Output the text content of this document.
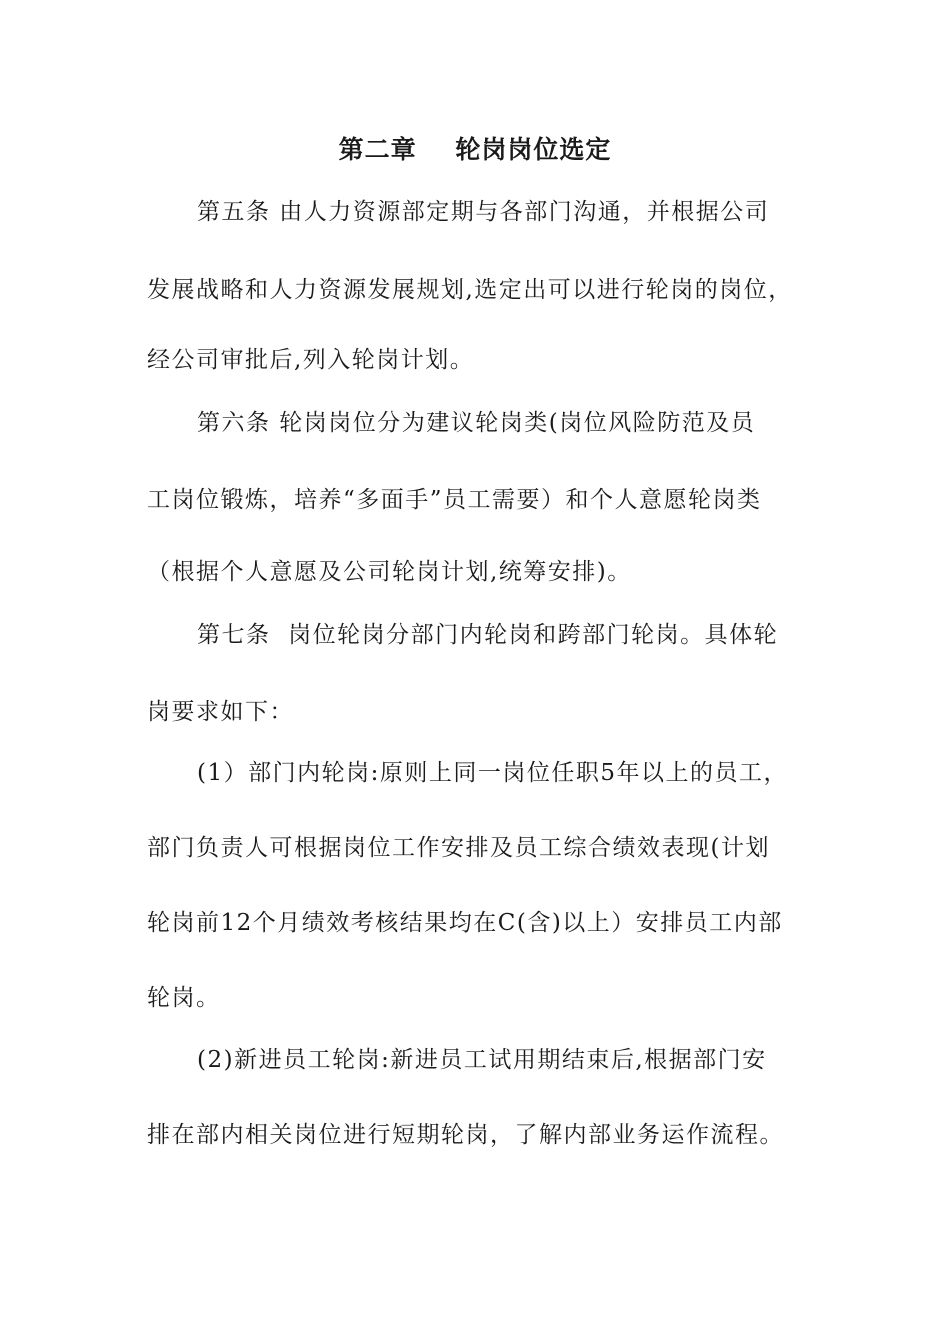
第二章    轮岗岗位选定
第五条 由人力资源部定期与各部门沟通，并根据公司
发展战略和人力资源发展规划,选定出可以进行轮岗的岗位，
经公司审批后,列入轮岗计划。
第六条 轮岗岗位分为建议轮岗类(岗位风险防范及员
工岗位锻炼，培养“多面手”员工需要）和个人意愿轮岗类
（根据个人意愿及公司轮岗计划,统筹安排)。
第七条  岗位轮岗分部门内轮岗和跨部门轮岗。具体轮
岗要求如下：
(1）部门内轮岗:原则上同一岗位任职5年以上的员工，
部门负责人可根据岗位工作安排及员工综合绩效表现(计划
轮岗前12个月绩效考核结果均在C(含)以上）安排员工内部
轮岗。
(2)新进员工轮岗:新进员工试用期结束后,根据部门安
排在部内相关岗位进行短期轮岗，了解内部业务运作流程。
